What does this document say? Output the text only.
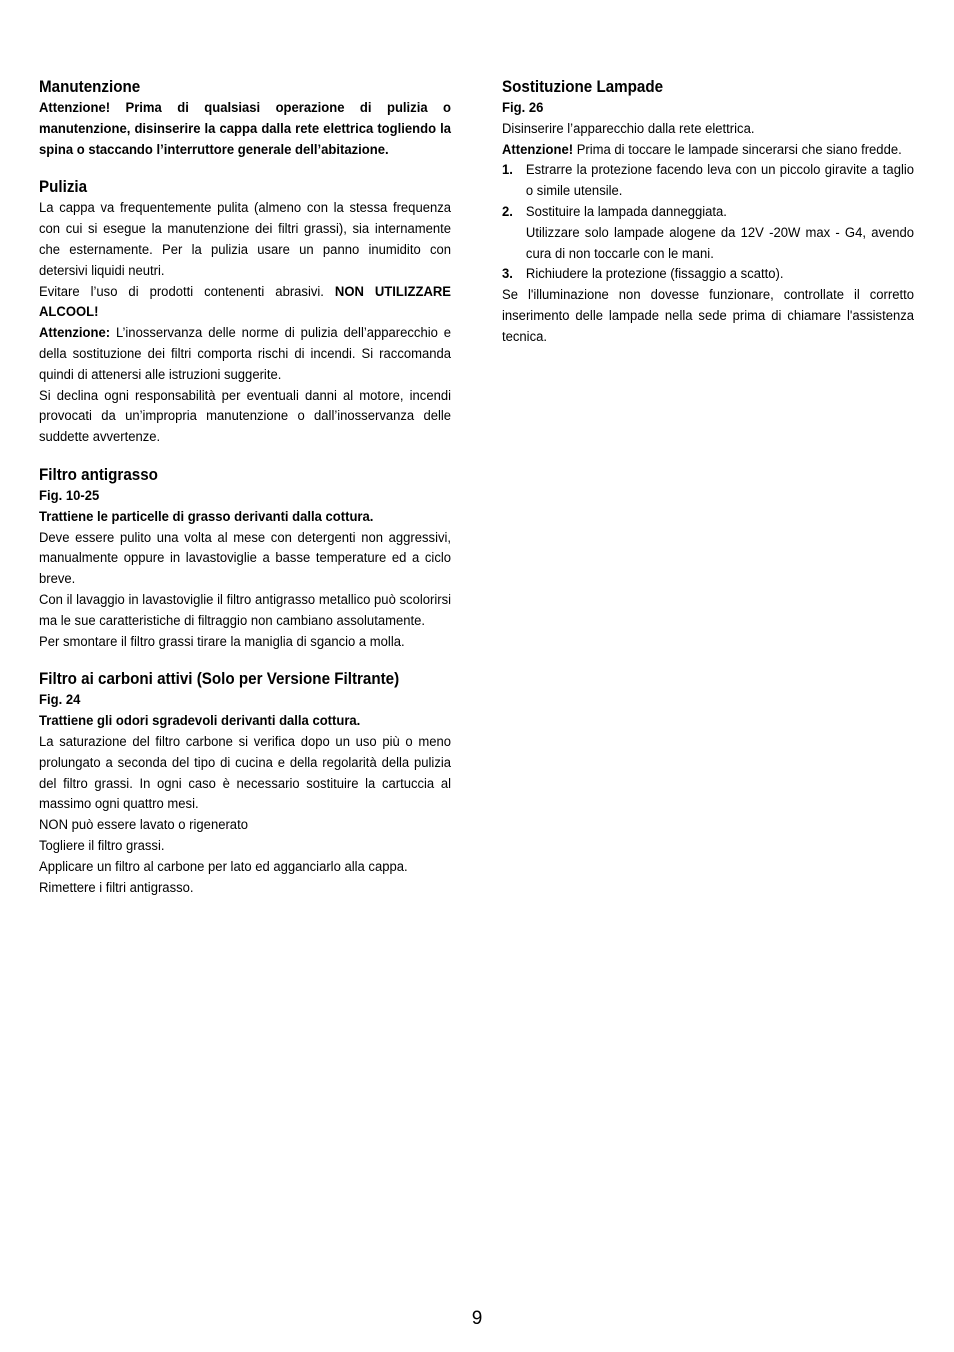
Manutenzione

Attenzione! Prima di qualsiasi operazione di pulizia o manutenzione, disinserire la cappa dalla rete elettrica togliendo la spina o staccando l’interruttore generale dell’abitazione.

Pulizia

La cappa va frequentemente pulita (almeno con la stessa frequenza con cui si esegue la manutenzione dei filtri grassi), sia internamente che esternamente. Per la pulizia usare un panno inumidito con detersivi liquidi neutri.

Evitare l’uso di prodotti contenenti abrasivi. NON UTILIZZARE ALCOOL!

Attenzione: L’inosservanza delle norme di pulizia dell’apparecchio e della sostituzione dei filtri comporta rischi di incendi. Si raccomanda quindi di attenersi alle istruzioni suggerite.

Si declina ogni responsabilità per eventuali danni al motore, incendi provocati da un’impropria manutenzione o dall’inosservanza delle suddette avvertenze.

Filtro antigrasso

Fig. 10-25

Trattiene le particelle di grasso derivanti dalla cottura.

Deve essere pulito una volta al mese con detergenti non aggressivi, manualmente oppure in lavastoviglie a basse temperature ed a ciclo breve.

Con il lavaggio in lavastoviglie il filtro antigrasso metallico può scolorirsi ma le sue caratteristiche di filtraggio non cambiano assolutamente.

Per smontare il filtro grassi tirare la maniglia di sgancio a molla.

Filtro ai carboni attivi (Solo per Versione Filtrante)

Fig. 24

Trattiene gli odori sgradevoli derivanti dalla cottura.

La saturazione del filtro carbone si verifica dopo un uso più o meno prolungato a seconda del tipo di cucina e della regolarità della pulizia del filtro grassi. In ogni caso è necessario sostituire la cartuccia al massimo ogni quattro mesi.

NON può essere lavato o rigenerato

Togliere il filtro grassi.

Applicare un filtro al carbone per lato ed agganciarlo alla cappa.

Rimettere i filtri antigrasso.

Sostituzione Lampade

Fig. 26

Disinserire l’apparecchio dalla rete elettrica.

Attenzione! Prima di toccare le lampade sincerarsi che siano fredde.

1. Estrarre la protezione facendo leva con un piccolo giravite a taglio o simile utensile.
2. Sostituire la lampada danneggiata.
Utilizzare solo lampade alogene da 12V -20W max - G4, avendo cura di non toccarle con le mani.
3. Richiudere la protezione (fissaggio a scatto).

Se l'illuminazione non dovesse funzionare, controllate il corretto inserimento delle lampade nella sede prima di chiamare l'assistenza tecnica.

9
